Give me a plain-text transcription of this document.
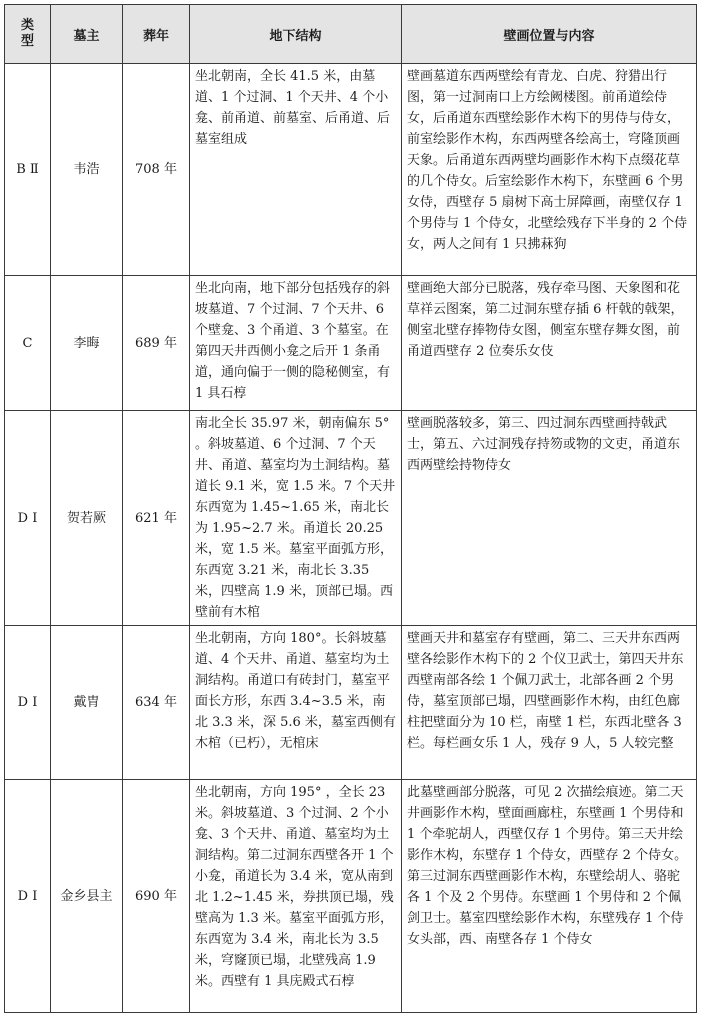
类
型	墓主	葬年	地下结构	壁画位置与内容
B Ⅱ	韦浩	708 年	坐北朝南，全长 41.5 米，由墓道、1 个过洞、1 个天井、4 个小龛、前甬道、前墓室、后甬道、后墓室组成	壁画墓道东西两壁绘有青龙、白虎、狩猎出行图，第一过洞南口上方绘阙楼图。前甬道绘侍女，后甬道东西壁绘影作木构下的男侍与侍女，前室绘影作木构，东西两壁各绘高士，穹隆顶画天象。后甬道东西两壁均画影作木构下点缀花草的几个侍女。后室绘影作木构下，东壁画 6 个男女侍，西壁存 5 扇树下高士屏障画，南壁仅存 1 个男侍与 1 个侍女，北壁绘残存下半身的 2 个侍女，两人之间有 1 只拂菻狗
C	李晦	689 年	坐北向南，地下部分包括残存的斜坡墓道、7 个过洞、7 个天井、6 个壁龛、3 个甬道、3 个墓室。在第四天井西侧小龛之后开 1 条甬道，通向偏于一侧的隐秘侧室，有 1 具石椁	壁画绝大部分已脱落，残存牵马图、天象图和花草祥云图案，第二过洞东壁存插 6 杆戟的戟架，侧室北壁存捧物侍女图，侧室东壁存舞女图，前甬道西壁存 2 位奏乐女伎
D Ⅰ	贺若厥	621 年	南北全长 35.97 米，朝南偏东 5° 。斜坡墓道、6 个过洞、7 个天井、甬道、墓室均为土洞结构。墓道长 9.1 米，宽 1.5 米。7 个天井东西宽为 1.45~1.65 米，南北长为 1.95~2.7 米。甬道长 20.25 米，宽 1.5 米。墓室平面弧方形，东西宽 3.21 米，南北长 3.35 米，四壁高 1.9 米，顶部已塌。西壁前有木棺	壁画脱落较多，第三、四过洞东西壁画持戟武士，第五、六过洞残存持笏或物的文吏，甬道东西两壁绘持物侍女
D Ⅰ	戴胄	634 年	坐北朝南，方向 180°。长斜坡墓道、4 个天井、甬道、墓室均为土洞结构。甬道口有砖封门，墓室平面长方形，东西 3.4~3.5 米，南北 3.3 米，深 5.6 米，墓室西侧有木棺（已朽），无棺床	壁画天井和墓室存有壁画，第二、三天井东西两壁各绘影作木构下的 2 个仪卫武士，第四天井东西壁南部各绘 1 个佩刀武士，北部各画 2 个男侍，墓室顶部已塌，四壁画影作木构，由红色廊柱把壁面分为 10 栏，南壁 1 栏，东西北壁各 3 栏。每栏画女乐 1 人，残存 9 人，5 人较完整
D Ⅰ	金乡县主	690 年	坐北朝南，方向 195° ，全长 23 米。斜坡墓道、3 个过洞、2 个小龛、3 个天井、甬道、墓室均为土洞结构。第二过洞东西壁各开 1 个小龛，甬道长为 3.4 米，宽从南到北 1.2~1.45 米，券拱顶已塌，残壁高为 1.3 米。墓室平面弧方形，东西宽为 3.4 米，南北长为 3.5 米，穹窿顶已塌，北壁残高 1.9 米。西壁有 1 具庑殿式石椁	此墓壁画部分脱落，可见 2 次描绘痕迹。第二天井画影作木构，壁面画廊柱，东壁画 1 个男侍和 1 个牵驼胡人，西壁仅存 1 个男侍。第三天井绘影作木构，东壁存 1 个侍女，西壁存 2 个侍女。第三过洞东西壁画影作木构，东壁绘胡人、骆驼各 1 个及 2 个男侍。东壁画 1 个男侍和 2 个佩剑卫士。墓室四壁绘影作木构，东壁残存 1 个侍女头部，西、南壁各存 1 个侍女
